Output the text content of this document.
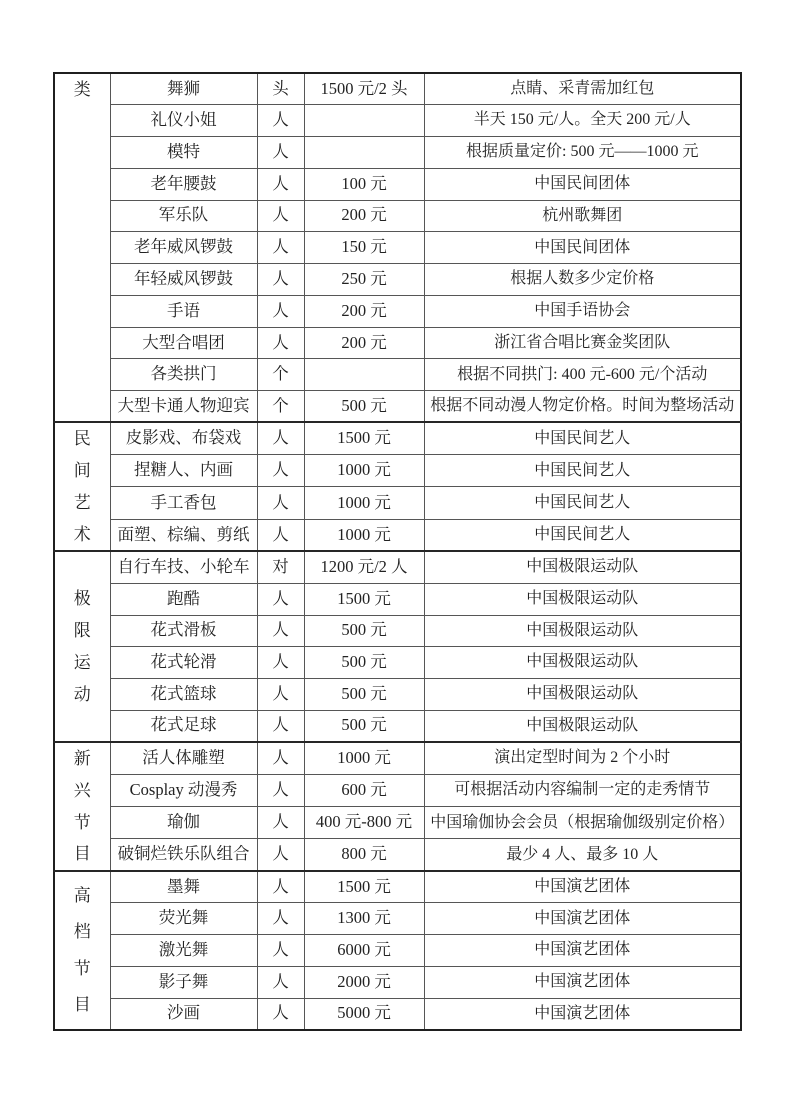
类	舞狮	头	1500 元/2 头	点睛、采青需加红包
	礼仪小姐	人		半天 150 元/人。全天 200 元/人
	模特	人		根据质量定价: 500 元——1000 元
	老年腰鼓	人	100 元	中国民间团体
	军乐队	人	200 元	杭州歌舞团
	老年威风锣鼓	人	150 元	中国民间团体
	年轻威风锣鼓	人	250 元	根据人数多少定价格
	手语	人	200 元	中国手语协会
	大型合唱团	人	200 元	浙江省合唱比赛金奖团队
	各类拱门	个		根据不同拱门: 400 元-600 元/个活动
	大型卡通人物迎宾	个	500 元	根据不同动漫人物定价格。时间为整场活动

民
间
艺
术	皮影戏、布袋戏	人	1500 元	中国民间艺人
	捏糖人、内画	人	1000 元	中国民间艺人
	手工香包	人	1000 元	中国民间艺人
	面塑、棕编、剪纸	人	1000 元	中国民间艺人

极
限
运
动	自行车技、小轮车	对	1200 元/2 人	中国极限运动队
	跑酷	人	1500 元	中国极限运动队
	花式滑板	人	500 元	中国极限运动队
	花式轮滑	人	500 元	中国极限运动队
	花式篮球	人	500 元	中国极限运动队
	花式足球	人	500 元	中国极限运动队

新
兴
节
目	活人体雕塑	人	1000 元	演出定型时间为 2 个小时
	Cosplay 动漫秀	人	600 元	可根据活动内容编制一定的走秀情节
	瑜伽	人	400 元-800 元	中国瑜伽协会会员（根据瑜伽级别定价格）
	破铜烂铁乐队组合	人	800 元	最少 4 人、最多 10 人

高
档
节
目	墨舞	人	1500 元	中国演艺团体
	荧光舞	人	1300 元	中国演艺团体
	激光舞	人	6000 元	中国演艺团体
	影子舞	人	2000 元	中国演艺团体
	沙画	人	5000 元	中国演艺团体
